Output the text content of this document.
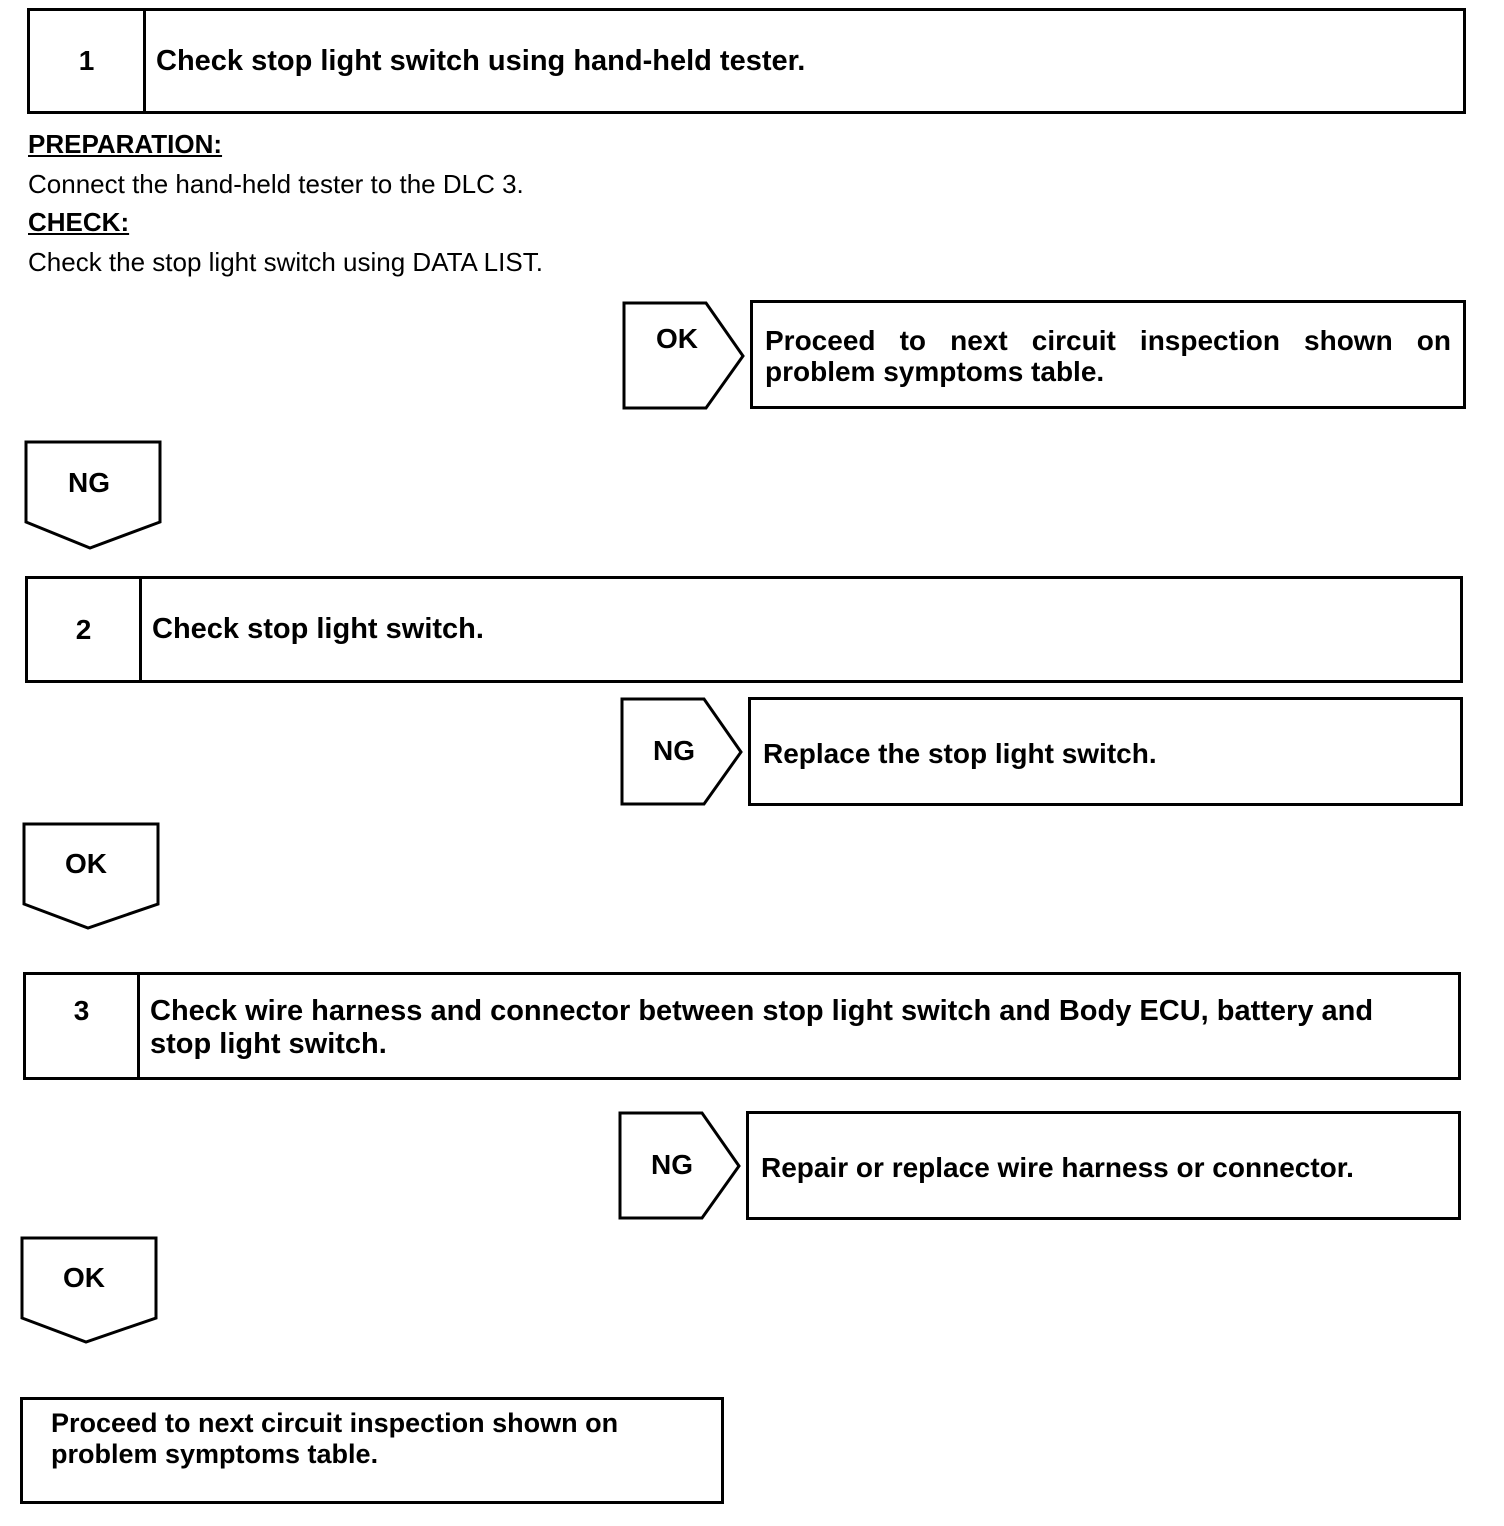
1	Check stop light switch using hand-held tester.
PREPARATION:
Connect the hand-held tester to the DLC 3.
CHECK:
Check the stop light switch using DATA LIST.
OK	Proceed to next circuit inspection shown on problem symptoms table.
NG
2	Check stop light switch.
NG	Replace the stop light switch.
OK
3	Check wire harness and connector between stop light switch and Body ECU, battery and stop light switch.
NG	Repair or replace wire harness or connector.
OK
Proceed to next circuit inspection shown on problem symptoms table.
